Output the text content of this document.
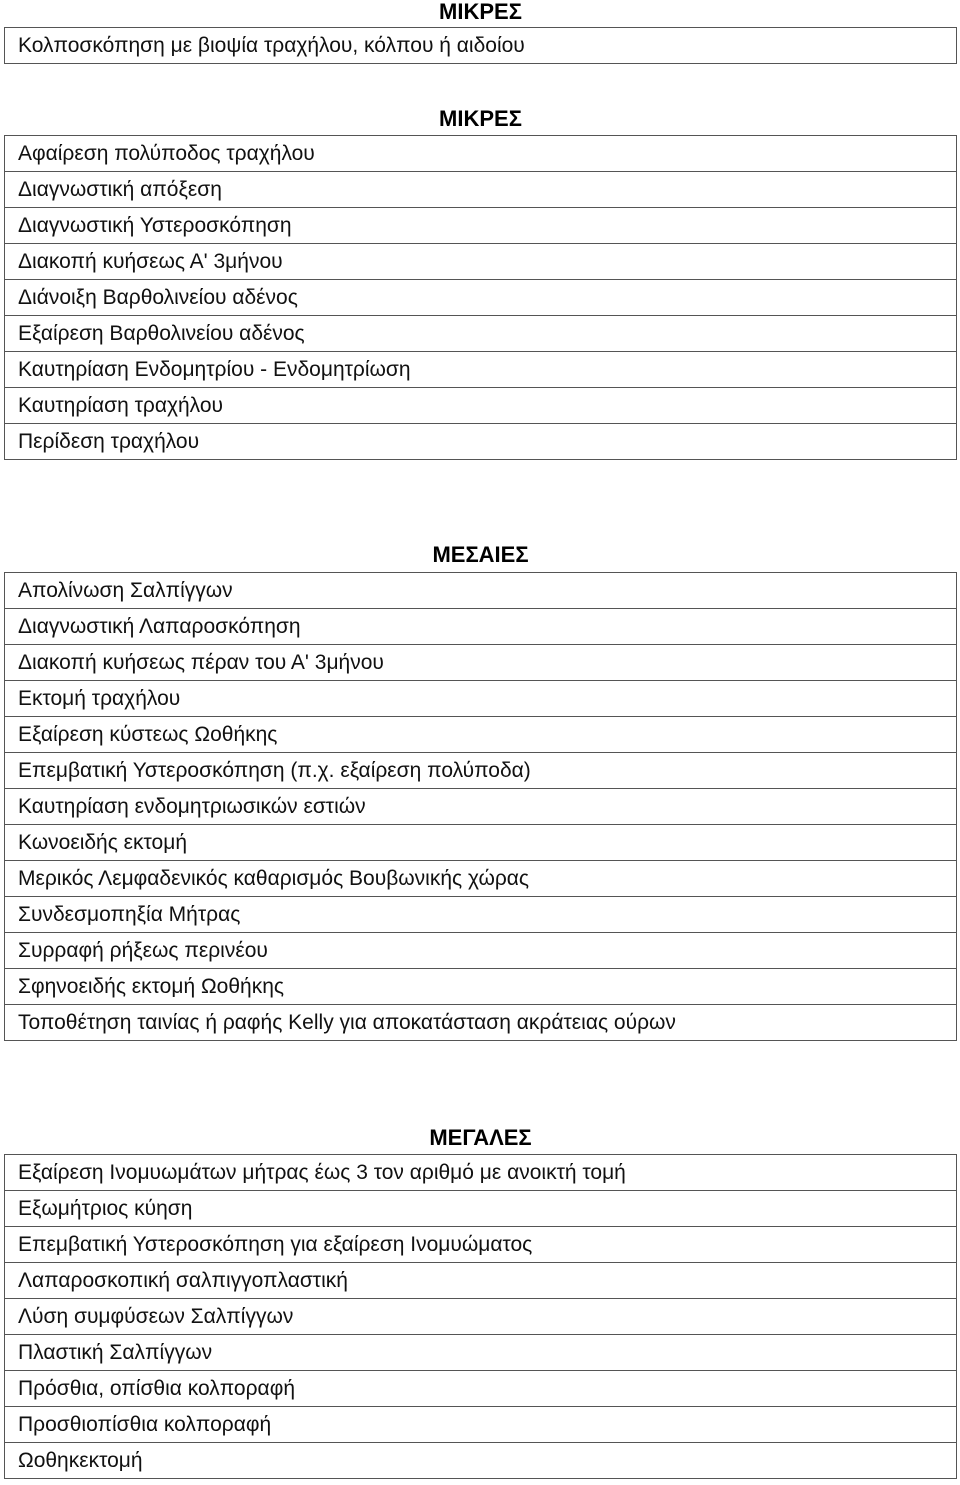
ΜΙΚΡΕΣ
Κολποσκόπηση με βιοψία τραχήλου, κόλπου ή αιδοίου
ΜΙΚΡΕΣ
Αφαίρεση πολύποδος τραχήλου
Διαγνωστική απόξεση
Διαγνωστική Υστεροσκόπηση
Διακοπή κυήσεως Α' 3μήνου
Διάνοιξη Βαρθολινείου αδένος
Εξαίρεση Βαρθολινείου αδένος
Καυτηρίαση Ενδομητρίου - Ενδομητρίωση
Καυτηρίαση τραχήλου
Περίδεση τραχήλου
ΜΕΣΑΙΕΣ
Απολίνωση Σαλπίγγων
Διαγνωστική Λαπαροσκόπηση
Διακοπή κυήσεως πέραν του Α' 3μήνου
Εκτομή τραχήλου
Εξαίρεση κύστεως Ωοθήκης
Επεμβατική Υστεροσκόπηση (π.χ. εξαίρεση πολύποδα)
Καυτηρίαση ενδομητριωσικών εστιών
Κωνοειδής εκτομή
Μερικός Λεμφαδενικός καθαρισμός Βουβωνικής χώρας
Συνδεσμοπηξία Μήτρας
Συρραφή ρήξεως περινέου
Σφηνοειδής εκτομή Ωοθήκης
Τοποθέτηση ταινίας ή ραφής Kelly για αποκατάσταση ακράτειας ούρων
ΜΕΓΑΛΕΣ
Εξαίρεση Ινομυωμάτων μήτρας έως 3 τον αριθμό με ανοικτή τομή
Εξωμήτριος κύηση
Επεμβατική Υστεροσκόπηση για εξαίρεση Ινομυώματος
Λαπαροσκοπική σαλπιγγοπλαστική
Λύση συμφύσεων Σαλπίγγων
Πλαστική Σαλπίγγων
Πρόσθια, οπίσθια κολποραφή
Προσθιοπίσθια κολποραφή
Ωοθηκεκτομή
